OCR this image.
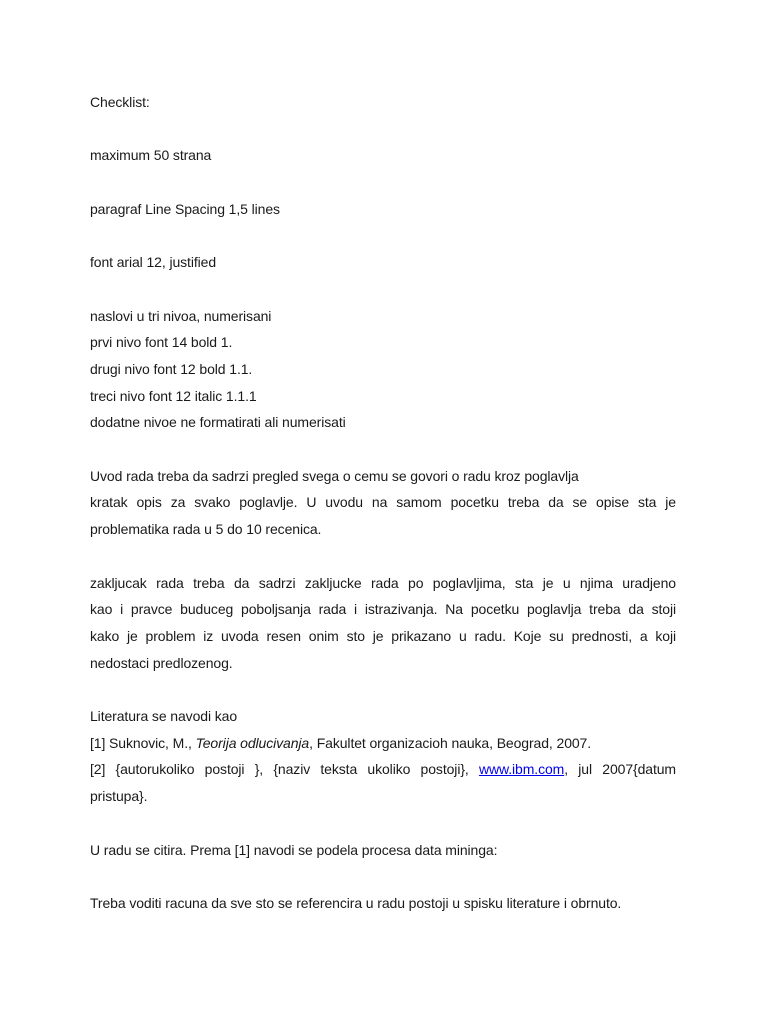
Checklist:
maximum 50 strana
paragraf Line Spacing 1,5 lines
font arial 12, justified
naslovi u tri nivoa, numerisani
prvi nivo font 14 bold 1.
drugi nivo font 12 bold 1.1.
treci nivo font 12 italic 1.1.1
dodatne nivoe ne formatirati ali numerisati
Uvod rada treba da sadrzi pregled svega o cemu se govori o radu kroz poglavlja
kratak opis za svako poglavlje. U uvodu na samom pocetku treba da se opise sta je
problematika rada u 5 do 10 recenica.
zakljucak rada treba da sadrzi zakljucke rada po poglavljima, sta je u njima uradjeno
kao i pravce buduceg poboljsanja rada i istrazivanja. Na pocetku poglavlja treba da stoji
kako je problem iz uvoda resen onim sto je prikazano u radu. Koje su prednosti, a koji
nedostaci predlozenog.
Literatura se navodi kao
[1] Suknovic, M., Teorija odlucivanja, Fakultet organizacioh nauka, Beograd, 2007.
[2] {autorukoliko postoji }, {naziv teksta ukoliko postoji}, www.ibm.com, jul 2007{datum
pristupa}.
U radu se citira. Prema [1] navodi se podela procesa data mininga:
Treba voditi racuna da sve sto se referencira u radu postoji u spisku literature i obrnuto.
